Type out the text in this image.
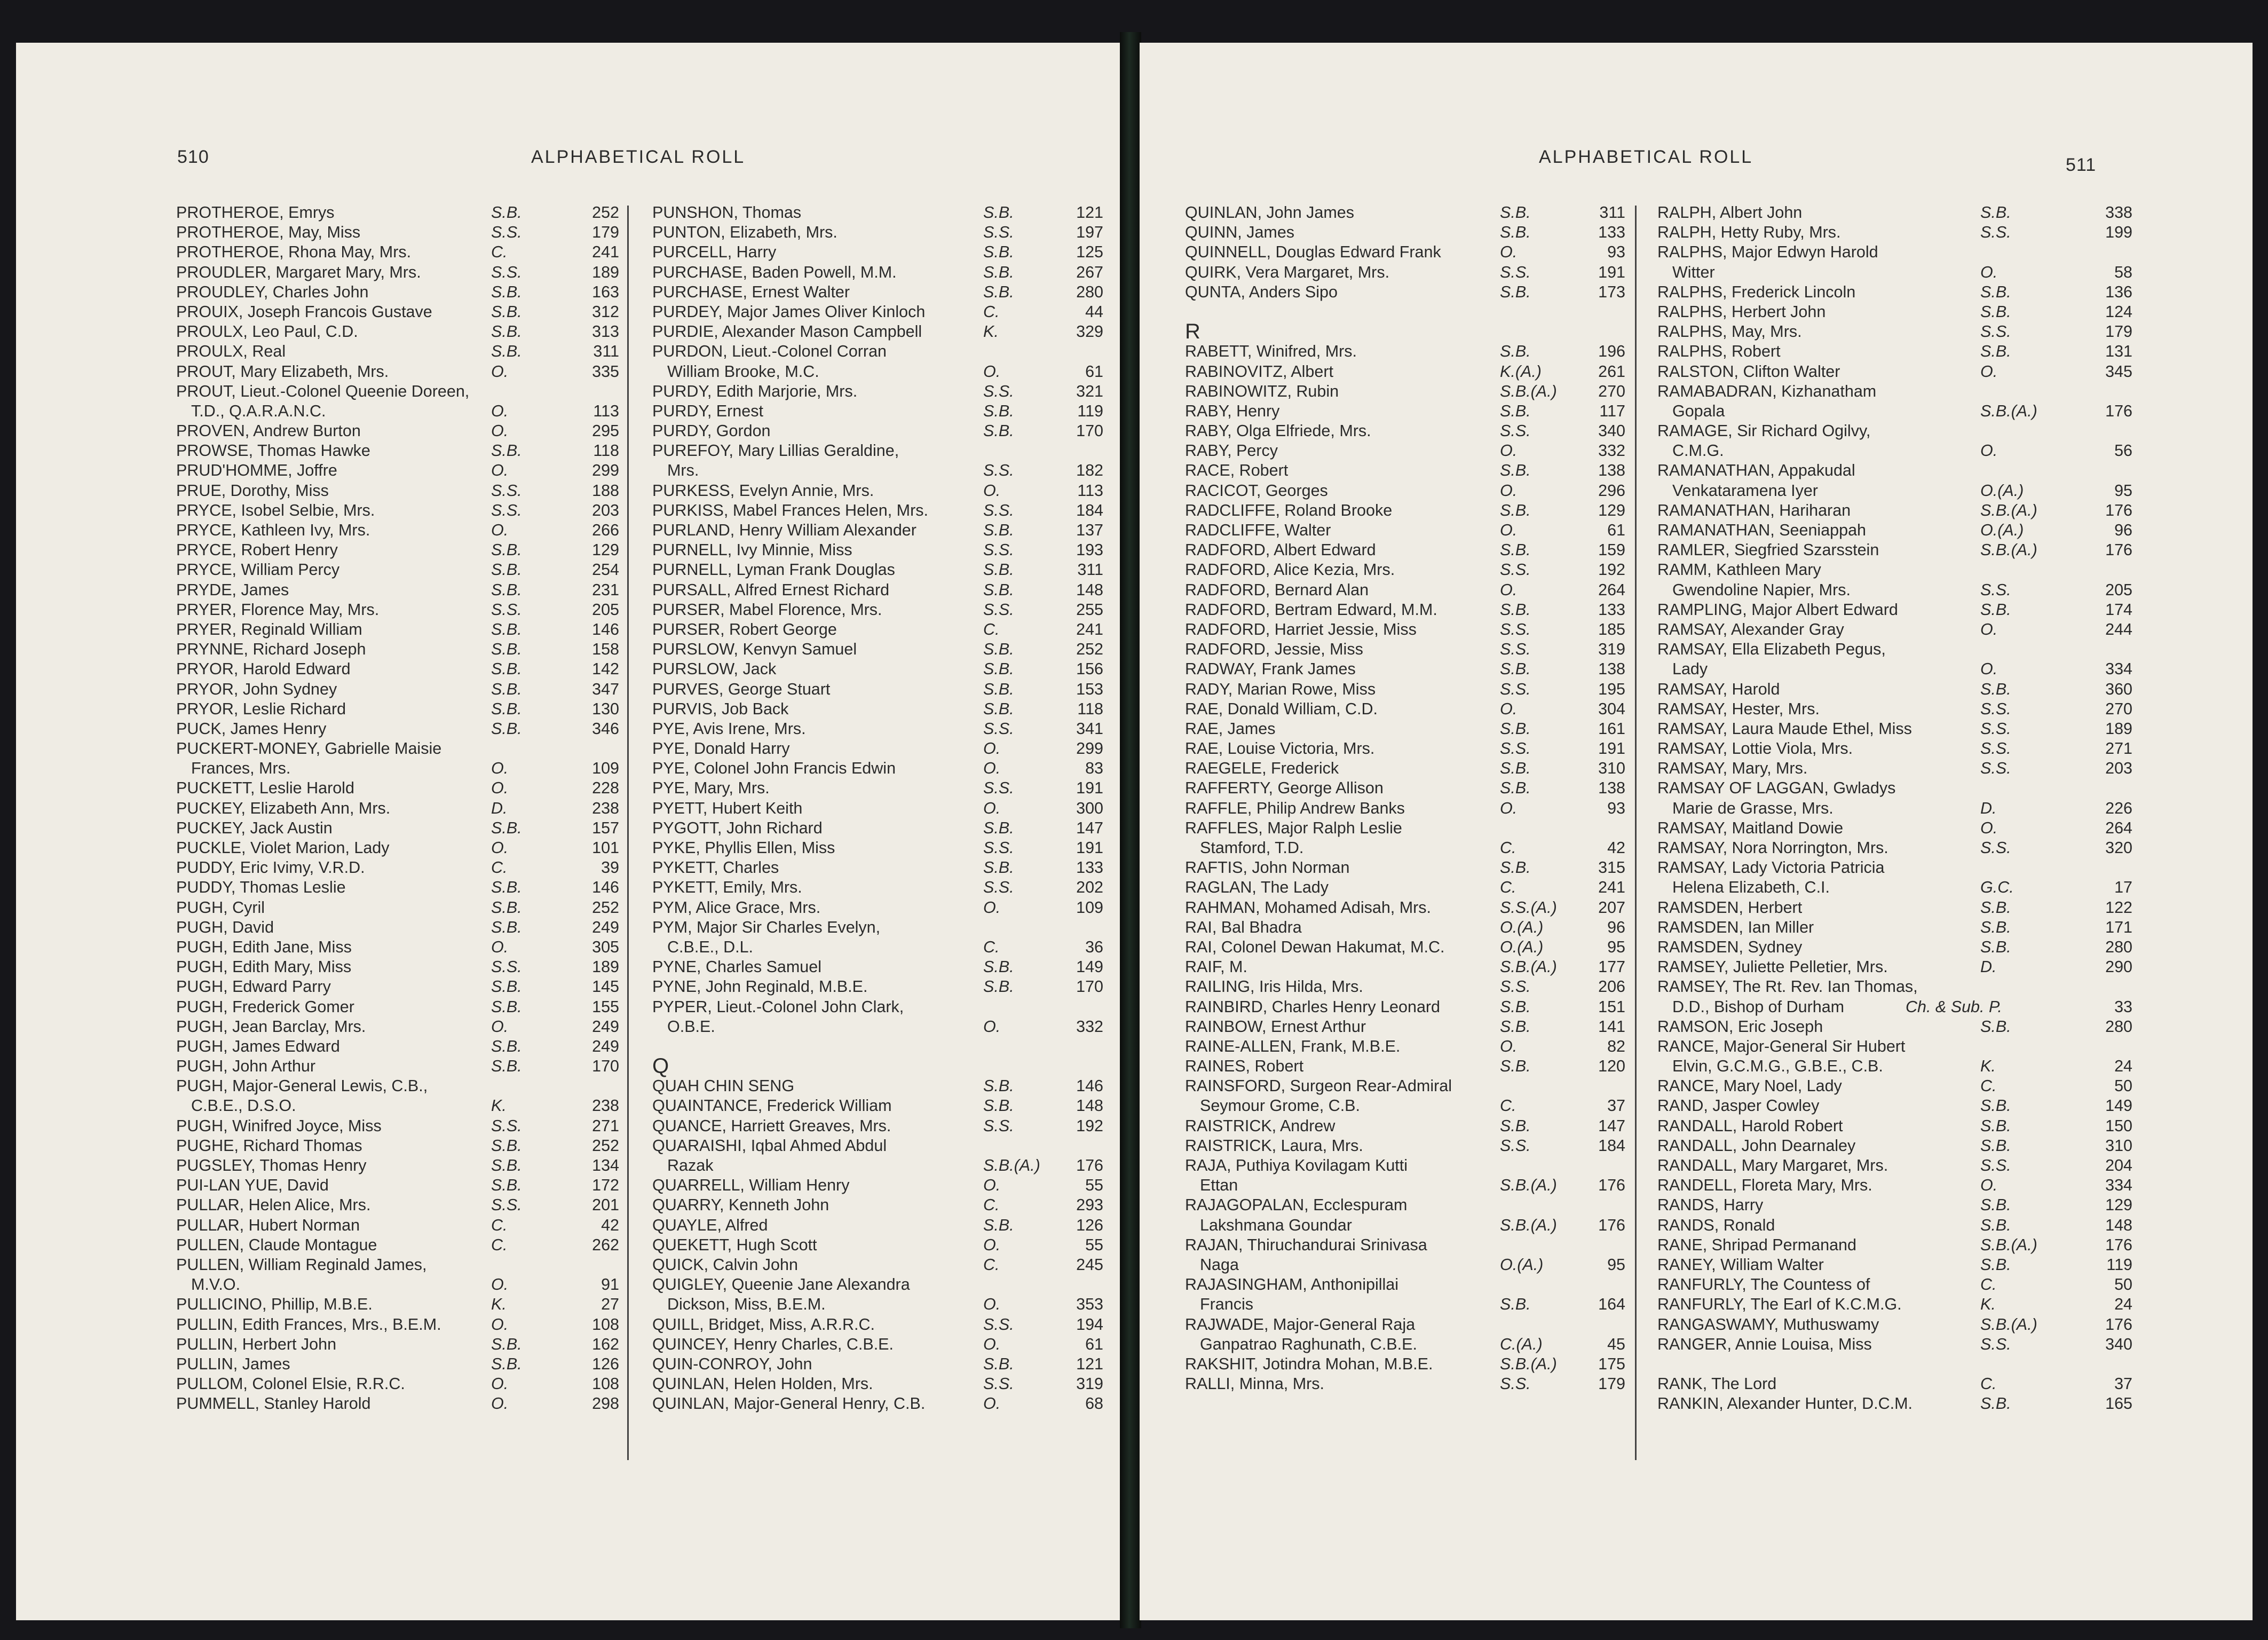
510	ALPHABETICAL ROLL
PROTHEROE, Emrys	S.B.	252
PROTHEROE, May, Miss	S.S.	179
PROTHEROE, Rhona May, Mrs.	C.	241
PROUDLER, Margaret Mary, Mrs.	S.S.	189
PROUDLEY, Charles John	S.B.	163
PROUIX, Joseph Francois Gustave	S.B.	312
PROULX, Leo Paul, C.D.	S.B.	313
PROULX, Real	S.B.	311
PROUT, Mary Elizabeth, Mrs.	O.	335
PROUT, Lieut.-Colonel Queenie Doreen,
T.D., Q.A.R.A.N.C.	O.	113
PROVEN, Andrew Burton	O.	295
PROWSE, Thomas Hawke	S.B.	118
PRUD'HOMME, Joffre	O.	299
PRUE, Dorothy, Miss	S.S.	188
PRYCE, Isobel Selbie, Mrs.	S.S.	203
PRYCE, Kathleen Ivy, Mrs.	O.	266
PRYCE, Robert Henry	S.B.	129
PRYCE, William Percy	S.B.	254
PRYDE, James	S.B.	231
PRYER, Florence May, Mrs.	S.S.	205
PRYER, Reginald William	S.B.	146
PRYNNE, Richard Joseph	S.B.	158
PRYOR, Harold Edward	S.B.	142
PRYOR, John Sydney	S.B.	347
PRYOR, Leslie Richard	S.B.	130
PUCK, James Henry	S.B.	346
PUCKERT-MONEY, Gabrielle Maisie
Frances, Mrs.	O.	109
PUCKETT, Leslie Harold	O.	228
PUCKEY, Elizabeth Ann, Mrs.	D.	238
PUCKEY, Jack Austin	S.B.	157
PUCKLE, Violet Marion, Lady	O.	101
PUDDY, Eric Ivimy, V.R.D.	C.	39
PUDDY, Thomas Leslie	S.B.	146
PUGH, Cyril	S.B.	252
PUGH, David	S.B.	249
PUGH, Edith Jane, Miss	O.	305
PUGH, Edith Mary, Miss	S.S.	189
PUGH, Edward Parry	S.B.	145
PUGH, Frederick Gomer	S.B.	155
PUGH, Jean Barclay, Mrs.	O.	249
PUGH, James Edward	S.B.	249
PUGH, John Arthur	S.B.	170
PUGH, Major-General Lewis, C.B.,
C.B.E., D.S.O.	K.	238
PUGH, Winifred Joyce, Miss	S.S.	271
PUGHE, Richard Thomas	S.B.	252
PUGSLEY, Thomas Henry	S.B.	134
PUI-LAN YUE, David	S.B.	172
PULLAR, Helen Alice, Mrs.	S.S.	201
PULLAR, Hubert Norman	C.	42
PULLEN, Claude Montague	C.	262
PULLEN, William Reginald James,
M.V.O.	O.	91
PULLICINO, Phillip, M.B.E.	K.	27
PULLIN, Edith Frances, Mrs., B.E.M.	O.	108
PULLIN, Herbert John	S.B.	162
PULLIN, James	S.B.	126
PULLOM, Colonel Elsie, R.R.C.	O.	108
PUMMELL, Stanley Harold	O.	298
PUNSHON, Thomas	S.B.	121
PUNTON, Elizabeth, Mrs.	S.S.	197
PURCELL, Harry	S.B.	125
PURCHASE, Baden Powell, M.M.	S.B.	267
PURCHASE, Ernest Walter	S.B.	280
PURDEY, Major James Oliver Kinloch	C.	44
PURDIE, Alexander Mason Campbell	K.	329
PURDON, Lieut.-Colonel Corran
William Brooke, M.C.	O.	61
PURDY, Edith Marjorie, Mrs.	S.S.	321
PURDY, Ernest	S.B.	119
PURDY, Gordon	S.B.	170
PUREFOY, Mary Lillias Geraldine,
Mrs.	S.S.	182
PURKESS, Evelyn Annie, Mrs.	O.	113
PURKISS, Mabel Frances Helen, Mrs.	S.S.	184
PURLAND, Henry William Alexander	S.B.	137
PURNELL, Ivy Minnie, Miss	S.S.	193
PURNELL, Lyman Frank Douglas	S.B.	311
PURSALL, Alfred Ernest Richard	S.B.	148
PURSER, Mabel Florence, Mrs.	S.S.	255
PURSER, Robert George	C.	241
PURSLOW, Kenvyn Samuel	S.B.	252
PURSLOW, Jack	S.B.	156
PURVES, George Stuart	S.B.	153
PURVIS, Job Back	S.B.	118
PYE, Avis Irene, Mrs.	S.S.	341
PYE, Donald Harry	O.	299
PYE, Colonel John Francis Edwin	O.	83
PYE, Mary, Mrs.	S.S.	191
PYETT, Hubert Keith	O.	300
PYGOTT, John Richard	S.B.	147
PYKE, Phyllis Ellen, Miss	S.S.	191
PYKETT, Charles	S.B.	133
PYKETT, Emily, Mrs.	S.S.	202
PYM, Alice Grace, Mrs.	O.	109
PYM, Major Sir Charles Evelyn,
C.B.E., D.L.	C.	36
PYNE, Charles Samuel	S.B.	149
PYNE, John Reginald, M.B.E.	S.B.	170
PYPER, Lieut.-Colonel John Clark,
O.B.E.	O.	332
Q
QUAH CHIN SENG	S.B.	146
QUAINTANCE, Frederick William	S.B.	148
QUANCE, Harriett Greaves, Mrs.	S.S.	192
QUARAISHI, Iqbal Ahmed Abdul
Razak	S.B.(A.)	176
QUARRELL, William Henry	O.	55
QUARRY, Kenneth John	C.	293
QUAYLE, Alfred	S.B.	126
QUEKETT, Hugh Scott	O.	55
QUICK, Calvin John	C.	245
QUIGLEY, Queenie Jane Alexandra
Dickson, Miss, B.E.M.	O.	353
QUILL, Bridget, Miss, A.R.R.C.	S.S.	194
QUINCEY, Henry Charles, C.B.E.	O.	61
QUIN-CONROY, John	S.B.	121
QUINLAN, Helen Holden, Mrs.	S.S.	319
QUINLAN, Major-General Henry, C.B.	O.	68
ALPHABETICAL ROLL	511
QUINLAN, John James	S.B.	311
QUINN, James	S.B.	133
QUINNELL, Douglas Edward Frank	O.	93
QUIRK, Vera Margaret, Mrs.	S.S.	191
QUNTA, Anders Sipo	S.B.	173
R
RABETT, Winifred, Mrs.	S.B.	196
RABINOVITZ, Albert	K.(A.)	261
RABINOWITZ, Rubin	S.B.(A.)	270
RABY, Henry	S.B.	117
RABY, Olga Elfriede, Mrs.	S.S.	340
RABY, Percy	O.	332
RACE, Robert	S.B.	138
RACICOT, Georges	O.	296
RADCLIFFE, Roland Brooke	S.B.	129
RADCLIFFE, Walter	O.	61
RADFORD, Albert Edward	S.B.	159
RADFORD, Alice Kezia, Mrs.	S.S.	192
RADFORD, Bernard Alan	O.	264
RADFORD, Bertram Edward, M.M.	S.B.	133
RADFORD, Harriet Jessie, Miss	S.S.	185
RADFORD, Jessie, Miss	S.S.	319
RADWAY, Frank James	S.B.	138
RADY, Marian Rowe, Miss	S.S.	195
RAE, Donald William, C.D.	O.	304
RAE, James	S.B.	161
RAE, Louise Victoria, Mrs.	S.S.	191
RAEGELE, Frederick	S.B.	310
RAFFERTY, George Allison	S.B.	138
RAFFLE, Philip Andrew Banks	O.	93
RAFFLES, Major Ralph Leslie
Stamford, T.D.	C.	42
RAFTIS, John Norman	S.B.	315
RAGLAN, The Lady	C.	241
RAHMAN, Mohamed Adisah, Mrs.	S.S.(A.)	207
RAI, Bal Bhadra	O.(A.)	96
RAI, Colonel Dewan Hakumat, M.C.	O.(A.)	95
RAIF, M.	S.B.(A.)	177
RAILING, Iris Hilda, Mrs.	S.S.	206
RAINBIRD, Charles Henry Leonard	S.B.	151
RAINBOW, Ernest Arthur	S.B.	141
RAINE-ALLEN, Frank, M.B.E.	O.	82
RAINES, Robert	S.B.	120
RAINSFORD, Surgeon Rear-Admiral
Seymour Grome, C.B.	C.	37
RAISTRICK, Andrew	S.B.	147
RAISTRICK, Laura, Mrs.	S.S.	184
RAJA, Puthiya Kovilagam Kutti
Ettan	S.B.(A.)	176
RAJAGOPALAN, Ecclespuram
Lakshmana Goundar	S.B.(A.)	176
RAJAN, Thiruchandurai Srinivasa
Naga	O.(A.)	95
RAJASINGHAM, Anthonipillai
Francis	S.B.	164
RAJWADE, Major-General Raja
Ganpatrao Raghunath, C.B.E.	C.(A.)	45
RAKSHIT, Jotindra Mohan, M.B.E.	S.B.(A.)	175
RALLI, Minna, Mrs.	S.S.	179
RALPH, Albert John	S.B.	338
RALPH, Hetty Ruby, Mrs.	S.S.	199
RALPHS, Major Edwyn Harold
Witter	O.	58
RALPHS, Frederick Lincoln	S.B.	136
RALPHS, Herbert John	S.B.	124
RALPHS, May, Mrs.	S.S.	179
RALPHS, Robert	S.B.	131
RALSTON, Clifton Walter	O.	345
RAMABADRAN, Kizhanatham
Gopala	S.B.(A.)	176
RAMAGE, Sir Richard Ogilvy,
C.M.G.	O.	56
RAMANATHAN, Appakudal
Venkataramena Iyer	O.(A.)	95
RAMANATHAN, Hariharan	S.B.(A.)	176
RAMANATHAN, Seeniappah	O.(A.)	96
RAMLER, Siegfried Szarsstein	S.B.(A.)	176
RAMM, Kathleen Mary
Gwendoline Napier, Mrs.	S.S.	205
RAMPLING, Major Albert Edward	S.B.	174
RAMSAY, Alexander Gray	O.	244
RAMSAY, Ella Elizabeth Pegus,
Lady	O.	334
RAMSAY, Harold	S.B.	360
RAMSAY, Hester, Mrs.	S.S.	270
RAMSAY, Laura Maude Ethel, Miss	S.S.	189
RAMSAY, Lottie Viola, Mrs.	S.S.	271
RAMSAY, Mary, Mrs.	S.S.	203
RAMSAY OF LAGGAN, Gwladys
Marie de Grasse, Mrs.	D.	226
RAMSAY, Maitland Dowie	O.	264
RAMSAY, Nora Norrington, Mrs.	S.S.	320
RAMSAY, Lady Victoria Patricia
Helena Elizabeth, C.I.	G.C.	17
RAMSDEN, Herbert	S.B.	122
RAMSDEN, Ian Miller	S.B.	171
RAMSDEN, Sydney	S.B.	280
RAMSEY, Juliette Pelletier, Mrs.	D.	290
RAMSEY, The Rt. Rev. Ian Thomas,
D.D., Bishop of Durham	Ch. & Sub. P.	33
RAMSON, Eric Joseph	S.B.	280
RANCE, Major-General Sir Hubert
Elvin, G.C.M.G., G.B.E., C.B.	K.	24
RANCE, Mary Noel, Lady	C.	50
RAND, Jasper Cowley	S.B.	149
RANDALL, Harold Robert	S.B.	150
RANDALL, John Dearnaley	S.B.	310
RANDALL, Mary Margaret, Mrs.	S.S.	204
RANDELL, Floreta Mary, Mrs.	O.	334
RANDS, Harry	S.B.	129
RANDS, Ronald	S.B.	148
RANE, Shripad Permanand	S.B.(A.)	176
RANEY, William Walter	S.B.	119
RANFURLY, The Countess of	C.	50
RANFURLY, The Earl of K.C.M.G.	K.	24
RANGASWAMY, Muthuswamy	S.B.(A.)	176
RANGER, Annie Louisa, Miss	S.S.	340
RANK, The Lord	C.	37
RANKIN, Alexander Hunter, D.C.M.	S.B.	165
